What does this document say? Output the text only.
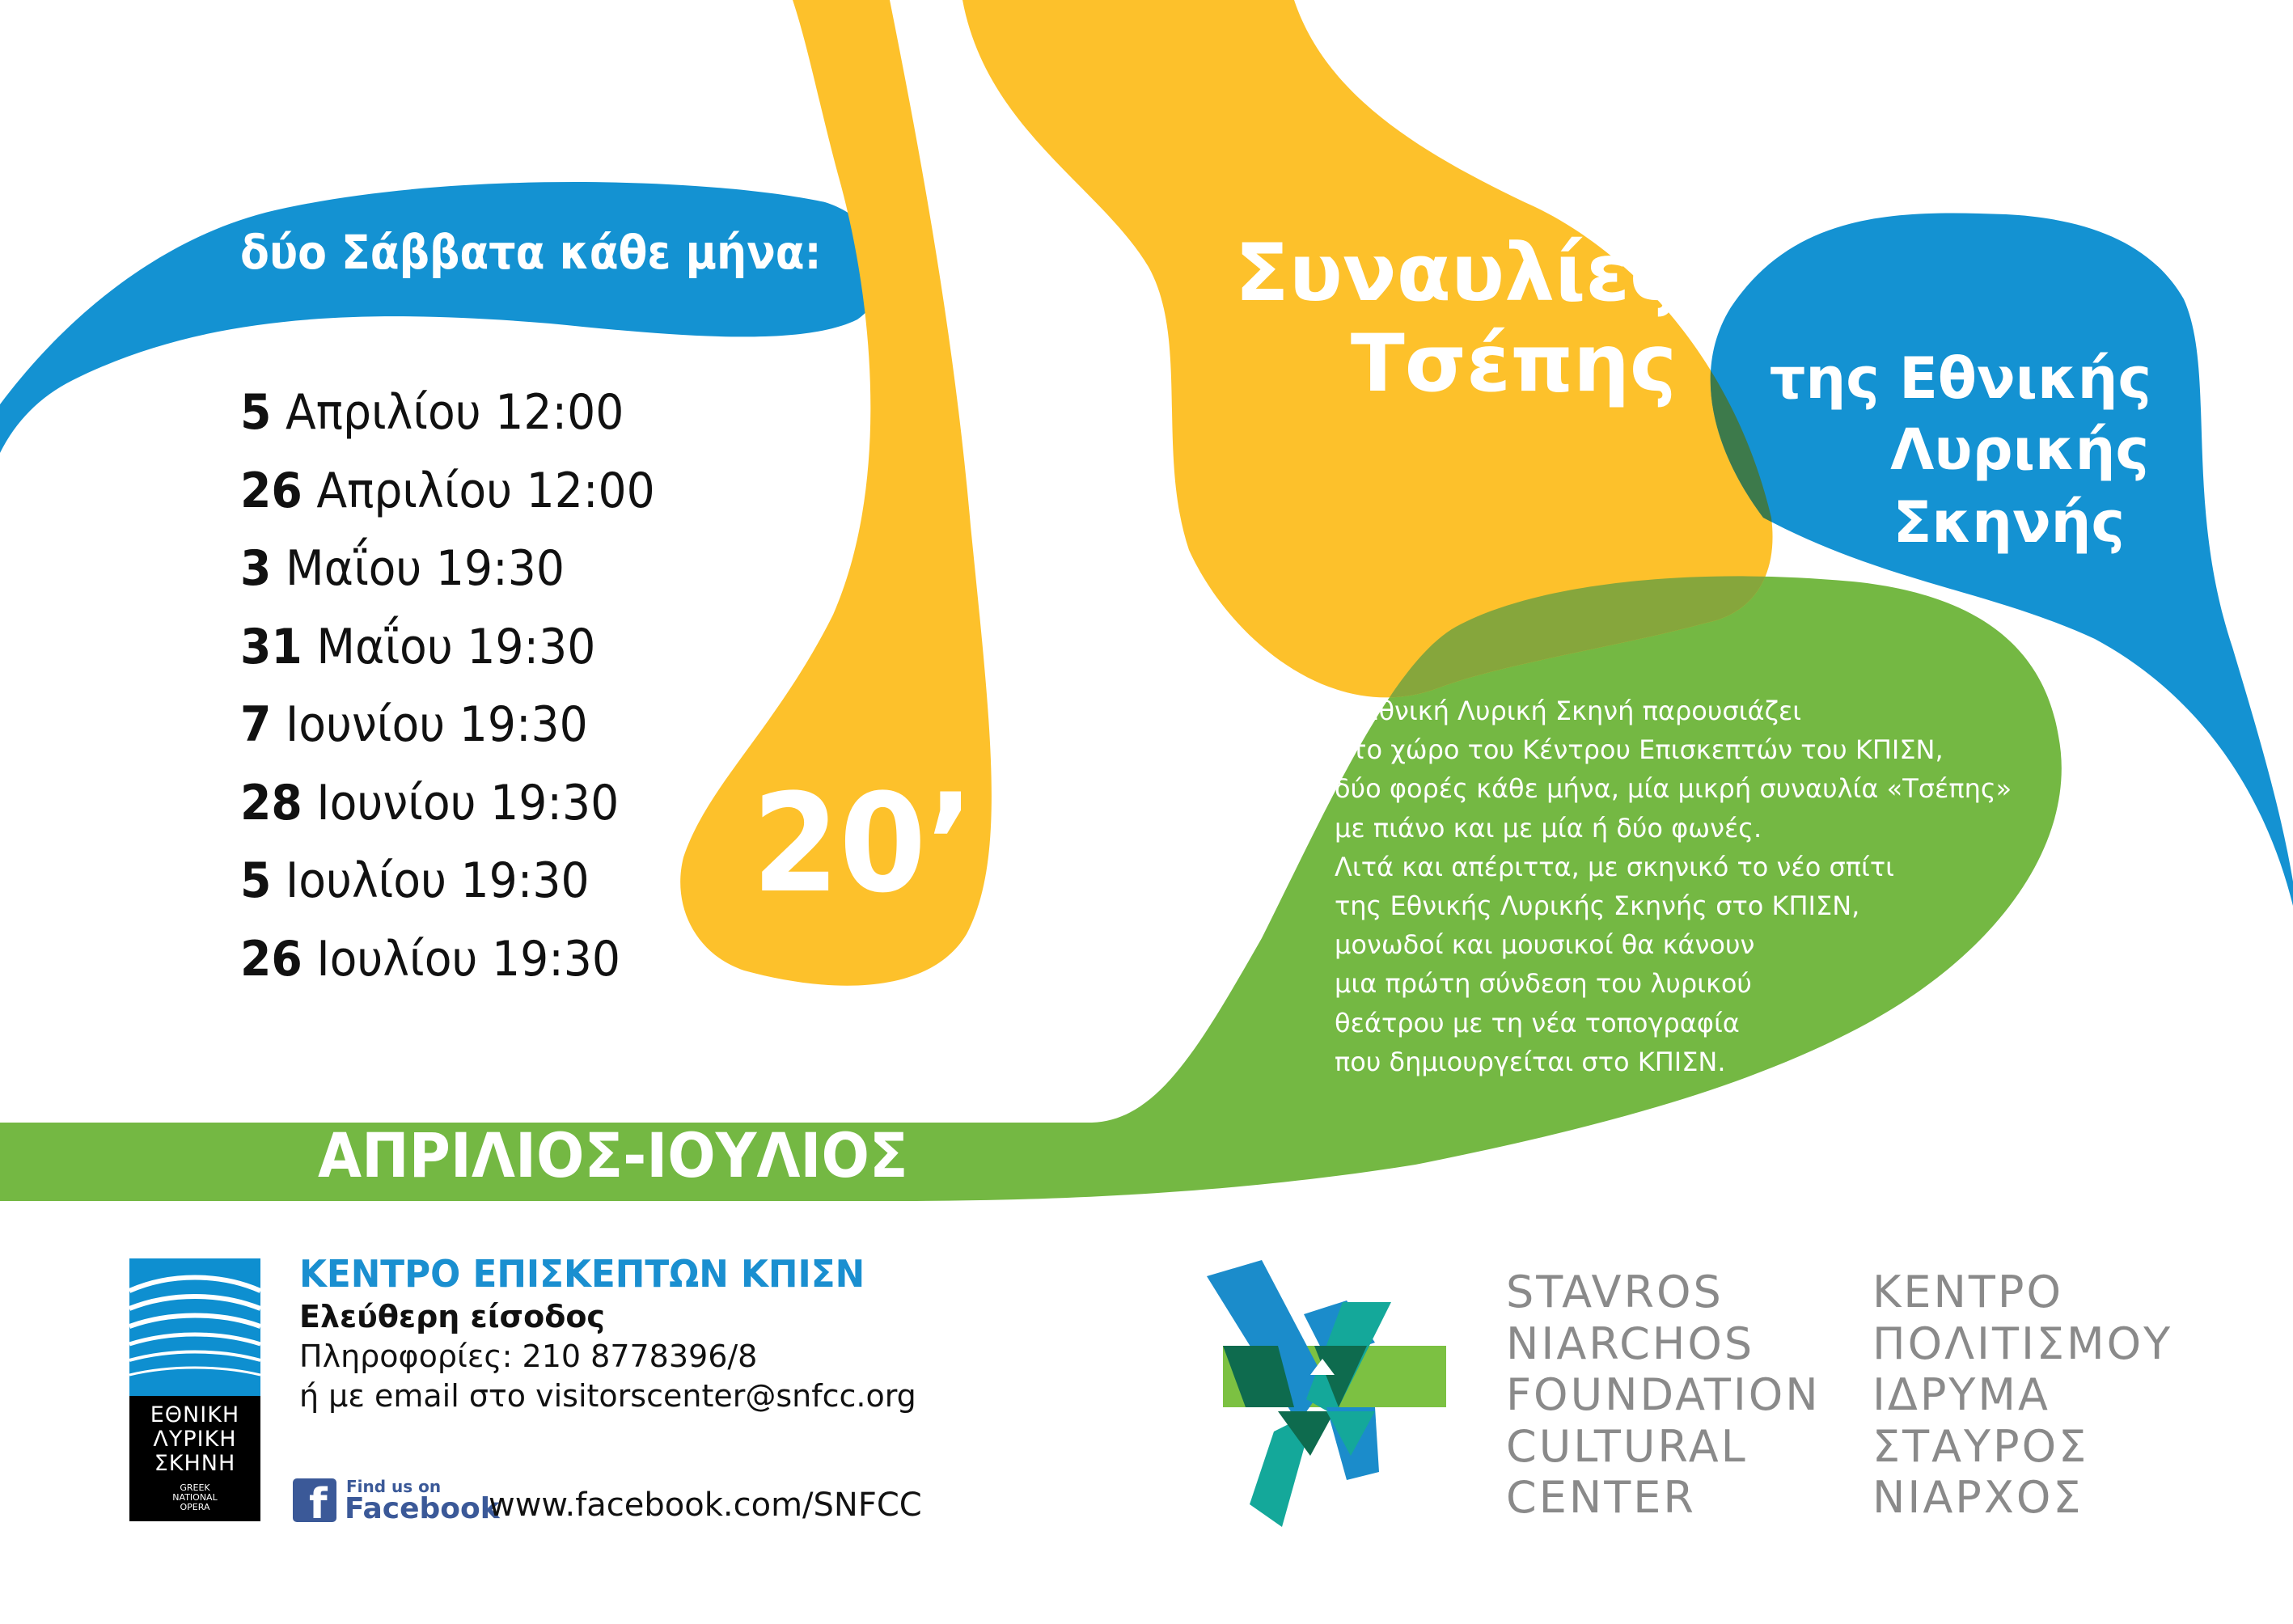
δύο Σάββατα κάθε μήνα:
5 Απριλίου 12:00
26 Απριλίου 12:00
3 Μαΐου 19:30
31 Μαΐου 19:30
7 Ιουνίου 19:30
28 Ιουνίου 19:30
5 Ιουλίου 19:30
26 Ιουλίου 19:30
20’
Συναυλίες
Τσέπης της Εθνικής
Λυρικής
Σκηνής
Η Εθνική Λυρική Σκηνή παρουσιάζει
στο χώρο του Κέντρου Επισκεπτών του ΚΠΙΣΝ,
δύο φορές κάθε μήνα, μία μικρή συναυλία «Τσέπης»
με πιάνο και με μία ή δύο φωνές.
Λιτά και απέριττα, με σκηνικό το νέο σπίτι
της Εθνικής Λυρικής Σκηνής στο ΚΠΙΣΝ,
μονωδοί και μουσικοί θα κάνουν
μια πρώτη σύνδεση του λυρικού
θεάτρου με τη νέα τοπογραφία
που δημιουργείται στο ΚΠΙΣΝ.
ΑΠΡΙΛΙΟΣ-ΙΟΥΛΙΟΣ
ΕΘΝΙΚΗ
ΛΥΡΙΚΗ
ΣΚΗΝΗ
GREEK
NATIONAL
OPERA
ΚΕΝΤΡΟ ΕΠΙΣΚΕΠΤΩΝ ΚΠΙΣΝ
Ελεύθερη είσοδος
Πληροφορίες: 210 8778396/8
ή με email στο visitorscenter@snfcc.org
f Find us on
Facebook
www.facebook.com/SNFCC
STAVROS
NIARCHOS
FOUNDATION
CULTURAL
CENTER
ΚΕΝΤΡΟ
ΠΟΛΙΤΙΣΜΟΥ
ΙΔΡΥΜΑ
ΣΤΑΥΡΟΣ
ΝΙΑΡΧΟΣ
